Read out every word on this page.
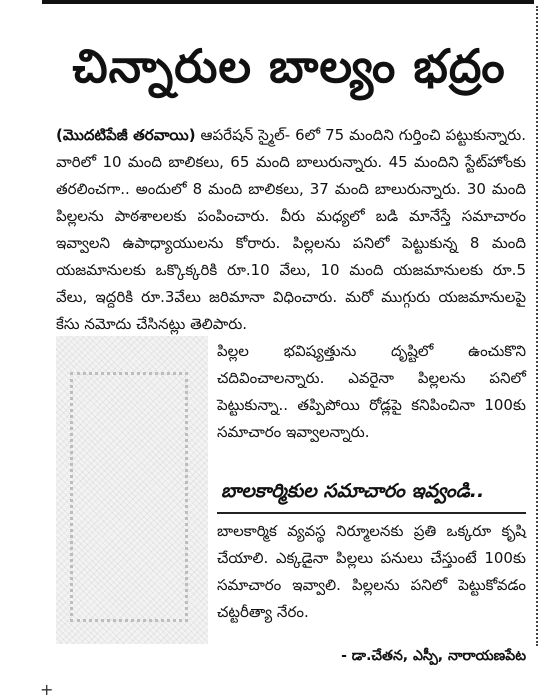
చిన్నారుల బాల్యం భద్రం

(మొదటిపేజీ తరవాయి) ఆపరేషన్ స్మైల్- 6లో 75 మందిని గుర్తించి పట్టుకున్నారు. వారిలో 10 మంది బాలికలు, 65 మంది బాలురున్నారు. 45 మందిని స్టేట్‌హోంకు తరలించగా.. అందులో 8 మంది బాలికలు, 37 మంది బాలురున్నారు. 30 మంది పిల్లలను పాఠశాలలకు పంపించారు. వీరు మధ్యలో బడి మానేస్తే సమాచారం ఇవ్వాలని ఉపాధ్యాయులను కోరారు. పిల్లలను పనిలో పెట్టుకున్న 8 మంది యజమానులకు ఒక్కొక్కరికి రూ.10 వేలు, 10 మంది యజమానులకు రూ.5 వేలు, ఇద్దరికి రూ.3వేలు జరిమానా విధించారు. మరో ముగ్గురు యజమానులపై కేసు నమోదు చేసినట్లు తెలిపారు.

పిల్లల భవిష్యత్తును దృష్టిలో ఉంచుకొని చదివించాలన్నారు. ఎవరైనా పిల్లలను పనిలో పెట్టుకున్నా.. తప్పిపోయి రోడ్లపై కనిపించినా 100కు సమాచారం ఇవ్వాలన్నారు.

బాలకార్మికుల సమాచారం ఇవ్వండి..

బాలకార్మిక వ్యవస్థ నిర్మూలనకు ప్రతి ఒక్కరూ కృషి చేయాలి. ఎక్కడైనా పిల్లలు పనులు చేస్తుంటే 100కు సమాచారం ఇవ్వాలి. పిల్లలను పనిలో పెట్టుకోవడం చట్టరీత్యా నేరం.

- డా.చేతన, ఎస్పీ, నారాయణపేట
+
